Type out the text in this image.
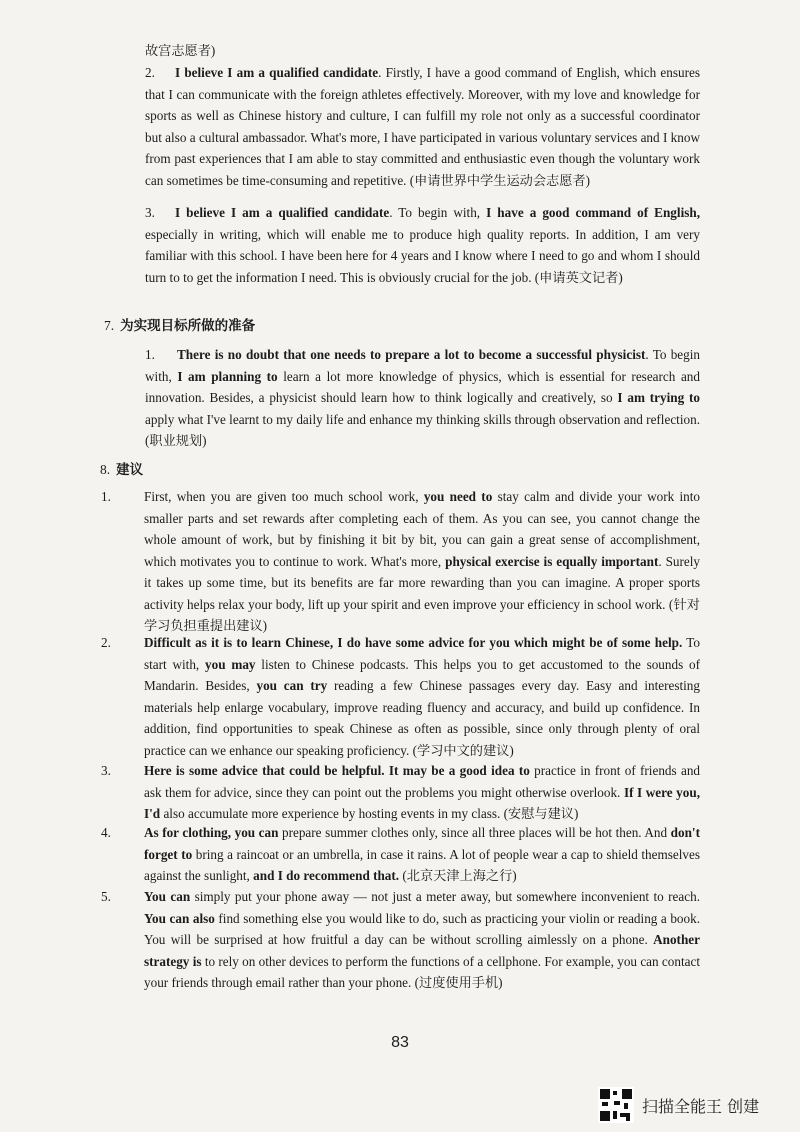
故宫志愿者)

2.	I believe I am a qualified candidate. Firstly, I have a good command of English, which ensures that I can communicate with the foreign athletes effectively. Moreover, with my love and knowledge for sports as well as Chinese history and culture, I can fulfill my role not only as a successful coordinator but also a cultural ambassador. What's more, I have participated in various voluntary services and I know from past experiences that I am able to stay committed and enthusiastic even though the voluntary work can sometimes be time-consuming and repetitive. (申请世界中学生运动会志愿者)

3.	I believe I am a qualified candidate. To begin with, I have a good command of English, especially in writing, which will enable me to produce high quality reports. In addition, I am very familiar with this school. I have been here for 4 years and I know where I need to go and whom I should turn to to get the information I need. This is obviously crucial for the job. (申请英文记者)

7. 为实现目标所做的准备
1.	There is no doubt that one needs to prepare a lot to become a successful physicist. To begin with, I am planning to learn a lot more knowledge of physics, which is essential for research and innovation. Besides, a physicist should learn how to think logically and creatively, so I am trying to apply what I've learnt to my daily life and enhance my thinking skills through observation and reflection. (职业规划)

8. 建议
1.	First, when you are given too much school work, you need to stay calm and divide your work into smaller parts and set rewards after completing each of them. As you can see, you cannot change the whole amount of work, but by finishing it bit by bit, you can gain a great sense of accomplishment, which motivates you to continue to work. What's more, physical exercise is equally important. Surely it takes up some time, but its benefits are far more rewarding than you can imagine. A proper sports activity helps relax your body, lift up your spirit and even improve your efficiency in school work. (针对学习负担重提出建议)

2.	Difficult as it is to learn Chinese, I do have some advice for you which might be of some help. To start with, you may listen to Chinese podcasts. This helps you to get accustomed to the sounds of Mandarin. Besides, you can try reading a few Chinese passages every day. Easy and interesting materials help enlarge vocabulary, improve reading fluency and accuracy, and build up confidence. In addition, find opportunities to speak Chinese as often as possible, since only through plenty of oral practice can we enhance our speaking proficiency. (学习中文的建议)

3.	Here is some advice that could be helpful. It may be a good idea to practice in front of friends and ask them for advice, since they can point out the problems you might otherwise overlook. If I were you, I'd also accumulate more experience by hosting events in my class. (安慰与建议)

4.	As for clothing, you can prepare summer clothes only, since all three places will be hot then. And don't forget to bring a raincoat or an umbrella, in case it rains. A lot of people wear a cap to shield themselves against the sunlight, and I do recommend that. (北京天津上海之行)

5.	You can simply put your phone away — not just a meter away, but somewhere inconvenient to reach. You can also find something else you would like to do, such as practicing your violin or reading a book. You will be surprised at how fruitful a day can be without scrolling aimlessly on a phone. Another strategy is to rely on other devices to perform the functions of a cellphone. For example, you can contact your friends through email rather than your phone. (过度使用手机)

83
扫描全能王 创建
